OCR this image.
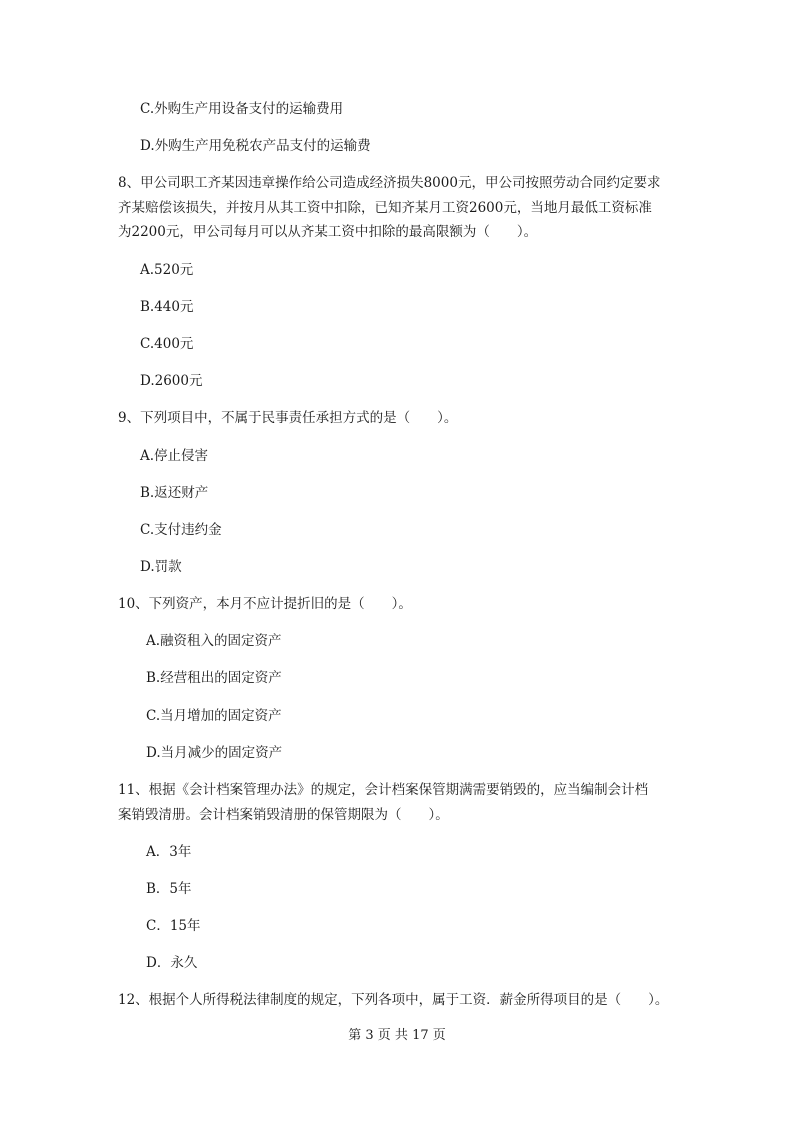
C.外购生产用设备支付的运输费用
D.外购生产用免税农产品支付的运输费
8、甲公司职工齐某因违章操作给公司造成经济损失8000元，甲公司按照劳动合同约定要求
齐某赔偿该损失，并按月从其工资中扣除，已知齐某月工资2600元，当地月最低工资标准
为2200元，甲公司每月可以从齐某工资中扣除的最高限额为（　　）。
A.520元
B.440元
C.400元
D.2600元
9、下列项目中，不属于民事责任承担方式的是（　　）。
A.停止侵害
B.返还财产
C.支付违约金
D.罚款
10、下列资产，本月不应计提折旧的是（　　）。
A.融资租入的固定资产
B.经营租出的固定资产
C.当月增加的固定资产
D.当月减少的固定资产
11、根据《会计档案管理办法》的规定，会计档案保管期满需要销毁的，应当编制会计档
案销毁清册。会计档案销毁清册的保管期限为（　　）。
A．3年
B．5年
C．15年
D．永久
12、根据个人所得税法律制度的规定，下列各项中，属于工资．薪金所得项目的是（　　）。
第 3 页 共 17 页
